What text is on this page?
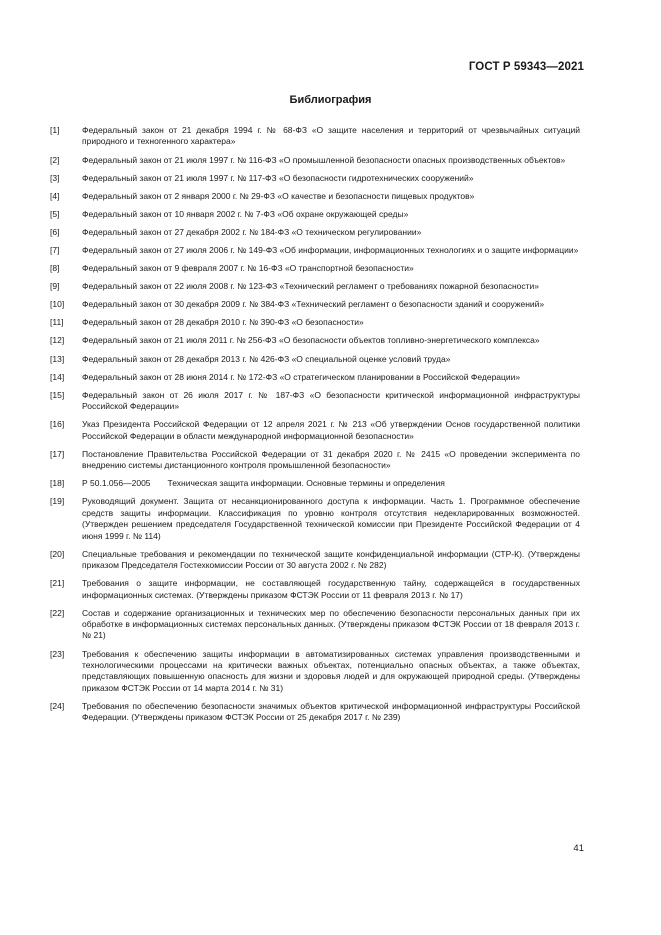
ГОСТ Р 59343—2021
Библиография
[1]	Федеральный закон от 21 декабря 1994 г. № 68-ФЗ «О защите населения и территорий от чрезвычайных ситуаций природного и техногенного характера»
[2]	Федеральный закон от 21 июля 1997 г. № 116-ФЗ «О промышленной безопасности опасных производственных объектов»
[3]	Федеральный закон от 21 июля 1997 г. № 117-ФЗ «О безопасности гидротехнических сооружений»
[4]	Федеральный закон от 2 января 2000 г. № 29-ФЗ «О качестве и безопасности пищевых продуктов»
[5]	Федеральный закон от 10 января 2002 г. № 7-ФЗ «Об охране окружающей среды»
[6]	Федеральный закон от 27 декабря 2002 г. № 184-ФЗ «О техническом регулировании»
[7]	Федеральный закон от 27 июля 2006 г. № 149-ФЗ «Об информации, информационных технологиях и о защите информации»
[8]	Федеральный закон от 9 февраля 2007 г. № 16-ФЗ «О транспортной безопасности»
[9]	Федеральный закон от 22 июля 2008 г. № 123-ФЗ «Технический регламент о требованиях пожарной безопасности»
[10]	Федеральный закон от 30 декабря 2009 г. № 384-ФЗ «Технический регламент о безопасности зданий и сооружений»
[11]	Федеральный закон от 28 декабря 2010 г. № 390-ФЗ «О безопасности»
[12]	Федеральный закон от 21 июля 2011 г. № 256-ФЗ «О безопасности объектов топливно-энергетического комплекса»
[13]	Федеральный закон от 28 декабря 2013 г. № 426-ФЗ «О специальной оценке условий труда»
[14]	Федеральный закон от 28 июня 2014 г. № 172-ФЗ «О стратегическом планировании в Российской Федерации»
[15]	Федеральный закон от 26 июля 2017 г. № 187-ФЗ «О безопасности критической информационной инфраструктуры Российской Федерации»
[16]	Указ Президента Российской Федерации от 12 апреля 2021 г. № 213 «Об утверждении Основ государственной политики Российской Федерации в области международной информационной безопасности»
[17]	Постановление Правительства Российской Федерации от 31 декабря 2020 г. № 2415 «О проведении эксперимента по внедрению системы дистанционного контроля промышленной безопасности»
[18]	Р 50.1.056—2005  Техническая защита информации. Основные термины и определения
[19]	Руководящий документ. Защита от несанкционированного доступа к информации. Часть 1. Программное обеспечение средств защиты информации. Классификация по уровню контроля отсутствия недекларированных возможностей. (Утвержден решением председателя Государственной технической комиссии при Президенте Российской Федерации от 4 июня 1999 г. № 114)
[20]	Специальные требования и рекомендации по технической защите конфиденциальной информации (СТР-К). (Утверждены приказом Председателя Гостехкомиссии России от 30 августа 2002 г. № 282)
[21]	Требования о защите информации, не составляющей государственную тайну, содержащейся в государственных информационных системах. (Утверждены приказом ФСТЭК России от 11 февраля 2013 г. № 17)
[22]	Состав и содержание организационных и технических мер по обеспечению безопасности персональных данных при их обработке в информационных системах персональных данных. (Утверждены приказом ФСТЭК России от 18 февраля 2013 г. № 21)
[23]	Требования к обеспечению защиты информации в автоматизированных системах управления производственными и технологическими процессами на критически важных объектах, потенциально опасных объектах, а также объектах, представляющих повышенную опасность для жизни и здоровья людей и для окружающей природной среды. (Утверждены приказом ФСТЭК России от 14 марта 2014 г. № 31)
[24]	Требования по обеспечению безопасности значимых объектов критической информационной инфраструктуры Российской Федерации. (Утверждены приказом ФСТЭК России от 25 декабря 2017 г. № 239)
41
